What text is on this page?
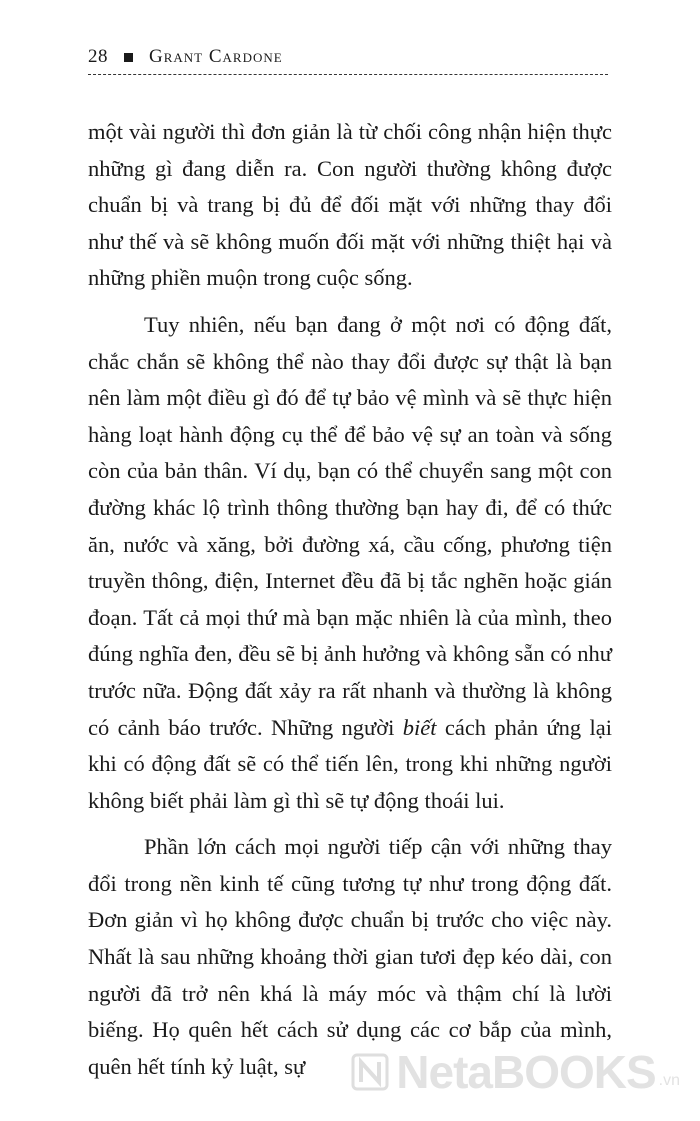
28 Grant Cardone

một vài người thì đơn giản là từ chối công nhận hiện thực những gì đang diễn ra. Con người thường không được chuẩn bị và trang bị đủ để đối mặt với những thay đổi như thế và sẽ không muốn đối mặt với những thiệt hại và những phiền muộn trong cuộc sống.

Tuy nhiên, nếu bạn đang ở một nơi có động đất, chắc chắn sẽ không thể nào thay đổi được sự thật là bạn nên làm một điều gì đó để tự bảo vệ mình và sẽ thực hiện hàng loạt hành động cụ thể để bảo vệ sự an toàn và sống còn của bản thân. Ví dụ, bạn có thể chuyển sang một con đường khác lộ trình thông thường bạn hay đi, để có thức ăn, nước và xăng, bởi đường xá, cầu cống, phương tiện truyền thông, điện, Internet đều đã bị tắc nghẽn hoặc gián đoạn. Tất cả mọi thứ mà bạn mặc nhiên là của mình, theo đúng nghĩa đen, đều sẽ bị ảnh hưởng và không sẵn có như trước nữa. Động đất xảy ra rất nhanh và thường là không có cảnh báo trước. Những người biết cách phản ứng lại khi có động đất sẽ có thể tiến lên, trong khi những người không biết phải làm gì thì sẽ tự động thoái lui.

Phần lớn cách mọi người tiếp cận với những thay đổi trong nền kinh tế cũng tương tự như trong động đất. Đơn giản vì họ không được chuẩn bị trước cho việc này. Nhất là sau những khoảng thời gian tươi đẹp kéo dài, con người đã trở nên khá là máy móc và thậm chí là lười biếng. Họ quên hết cách sử dụng các cơ bắp của mình, quên hết tính kỷ luật, sự	NetaBOOKS .vn
